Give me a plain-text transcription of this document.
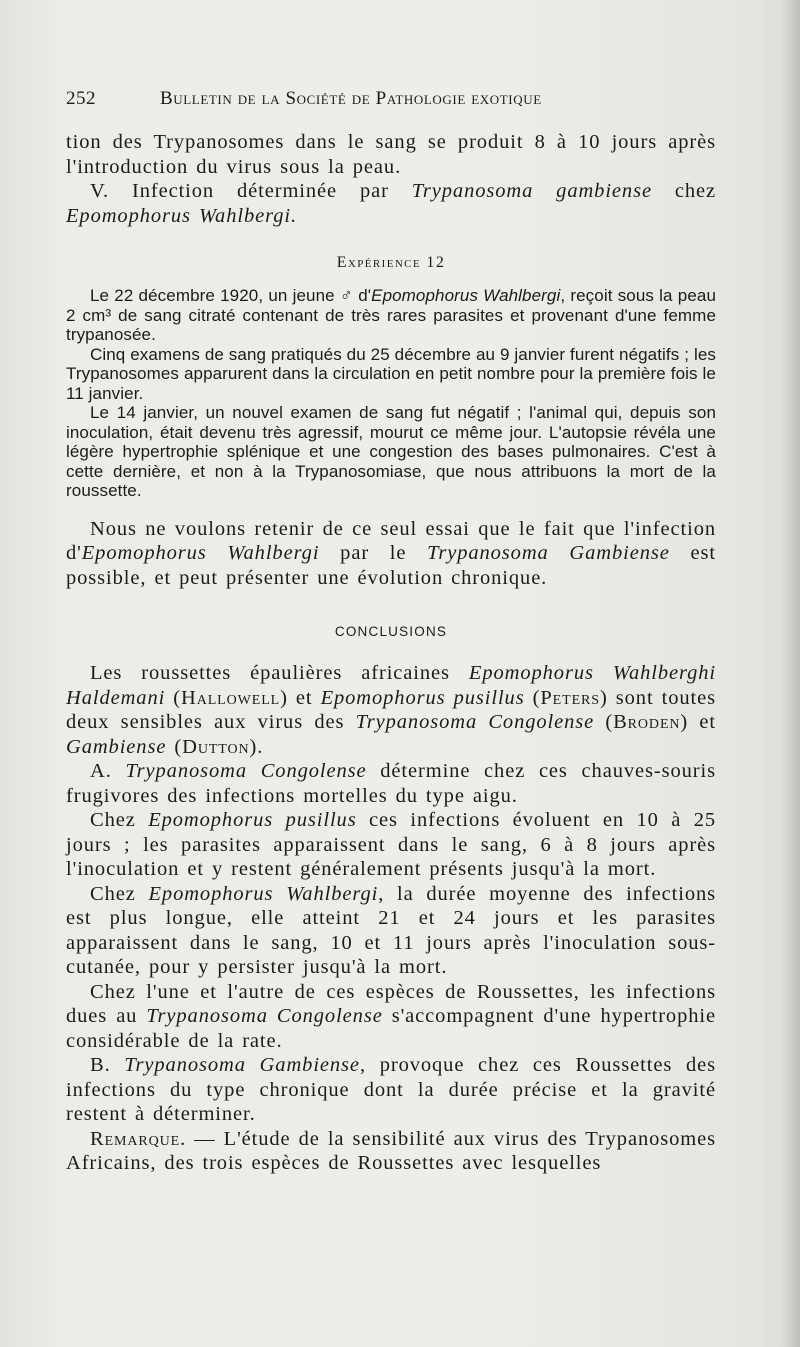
252	Bulletin de la Société de Pathologie exotique

tion des Trypanosomes dans le sang se produit 8 à 10 jours après l'introduction du virus sous la peau.

V. Infection déterminée par Trypanosoma gambiense chez Epomophorus Wahlbergi.

Expérience 12

Le 22 décembre 1920, un jeune ♂ d'Epomophorus Wahlbergi, reçoit sous la peau 2 cm³ de sang citraté contenant de très rares parasites et provenant d'une femme trypanosée.

Cinq examens de sang pratiqués du 25 décembre au 9 janvier furent négatifs ; les Trypanosomes apparurent dans la circulation en petit nombre pour la première fois le 11 janvier.

Le 14 janvier, un nouvel examen de sang fut négatif ; l'animal qui, depuis son inoculation, était devenu très agressif, mourut ce même jour. L'autopsie révéla une légère hypertrophie splénique et une congestion des bases pulmonaires. C'est à cette dernière, et non à la Trypanosomiase, que nous attribuons la mort de la roussette.

Nous ne voulons retenir de ce seul essai que le fait que l'infection d'Epomophorus Wahlbergi par le Trypanosoma Gambiense est possible, et peut présenter une évolution chronique.

CONCLUSIONS

Les roussettes épaulières africaines Epomophorus Wahlberghi Haldemani (Hallowell) et Epomophorus pusillus (Peters) sont toutes deux sensibles aux virus des Trypanosoma Congolense (Broden) et Gambiense (Dutton).

A. Trypanosoma Congolense détermine chez ces chauves-souris frugivores des infections mortelles du type aigu.

Chez Epomophorus pusillus ces infections évoluent en 10 à 25 jours ; les parasites apparaissent dans le sang, 6 à 8 jours après l'inoculation et y restent généralement présents jusqu'à la mort.

Chez Epomophorus Wahlbergi, la durée moyenne des infections est plus longue, elle atteint 21 et 24 jours et les parasites apparaissent dans le sang, 10 et 11 jours après l'inoculation sous-cutanée, pour y persister jusqu'à la mort.

Chez l'une et l'autre de ces espèces de Roussettes, les infections dues au Trypanosoma Congolense s'accompagnent d'une hypertrophie considérable de la rate.

B. Trypanosoma Gambiense, provoque chez ces Roussettes des infections du type chronique dont la durée précise et la gravité restent à déterminer.

Remarque. — L'étude de la sensibilité aux virus des Trypanosomes Africains, des trois espèces de Roussettes avec lesquelles
